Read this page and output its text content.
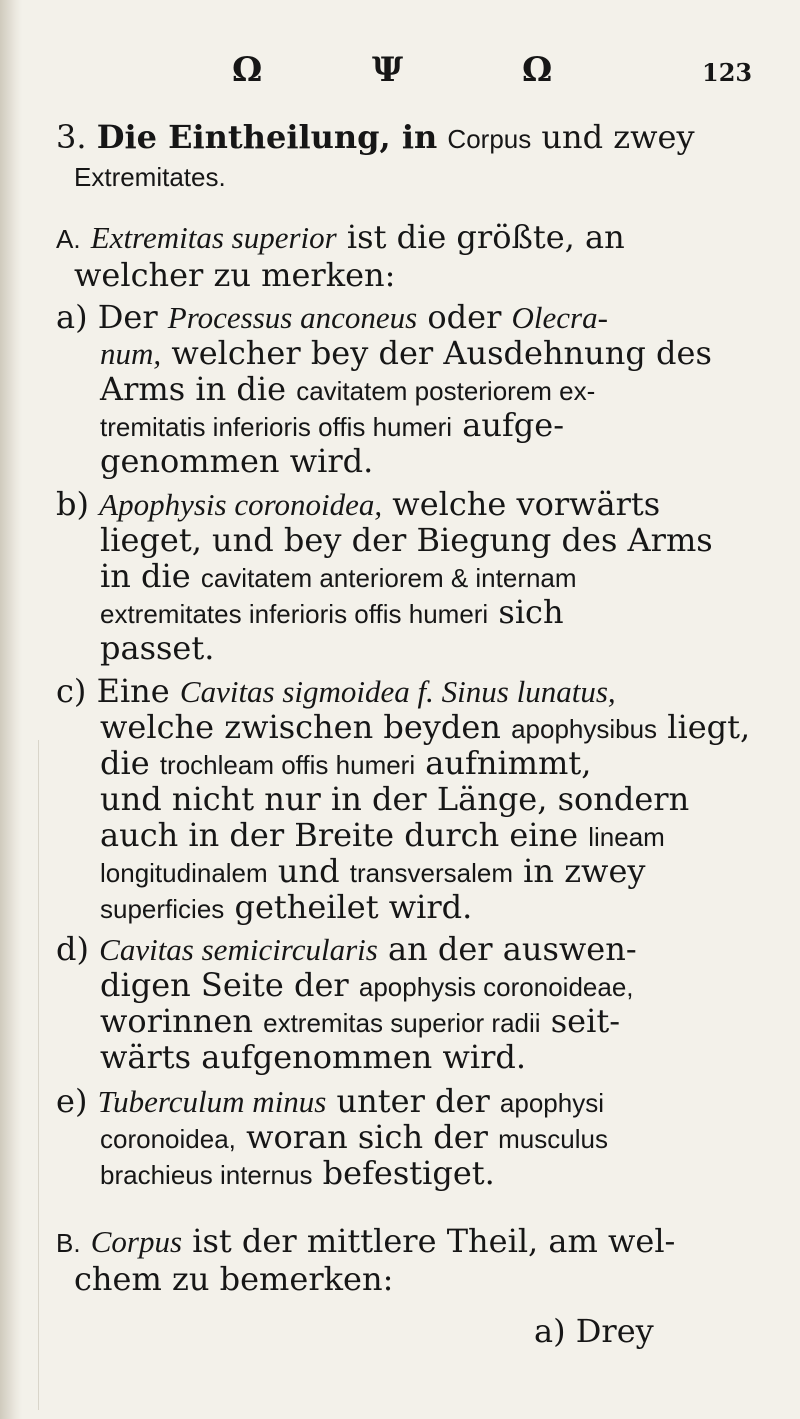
Ω	Ψ	Ω	123
3. Die Eintheilung, in Corpus und zwey
Extremitates.
A. Extremitas superior ist die größte, an
welcher zu merken:
a) Der Processus anconeus oder Olecra-
num, welcher bey der Ausdehnung des
Arms in die cavitatem posteriorem ex-
tremitatis inferioris offis humeri aufge-
genommen wird.
b) Apophysis coronoidea, welche vorwärts
lieget, und bey der Biegung des Arms
in die cavitatem anteriorem & internam
extremitates inferioris offis humeri sich
passet.
c) Eine Cavitas sigmoidea f. Sinus lunatus,
welche zwischen beyden apophysibus liegt,
die trochleam offis humeri aufnimmt,
und nicht nur in der Länge, sondern
auch in der Breite durch eine lineam
longitudinalem und transversalem in zwey
superficies getheilet wird.
d) Cavitas semicircularis an der auswen-
digen Seite der apophysis coronoideae,
worinnen extremitas superior radii seit-
wärts aufgenommen wird.
e) Tuberculum minus unter der apophysi
coronoidea, woran sich der musculus
brachieus internus befestiget.
B. Corpus ist der mittlere Theil, am wel-
chem zu bemerken:
a) Drey
